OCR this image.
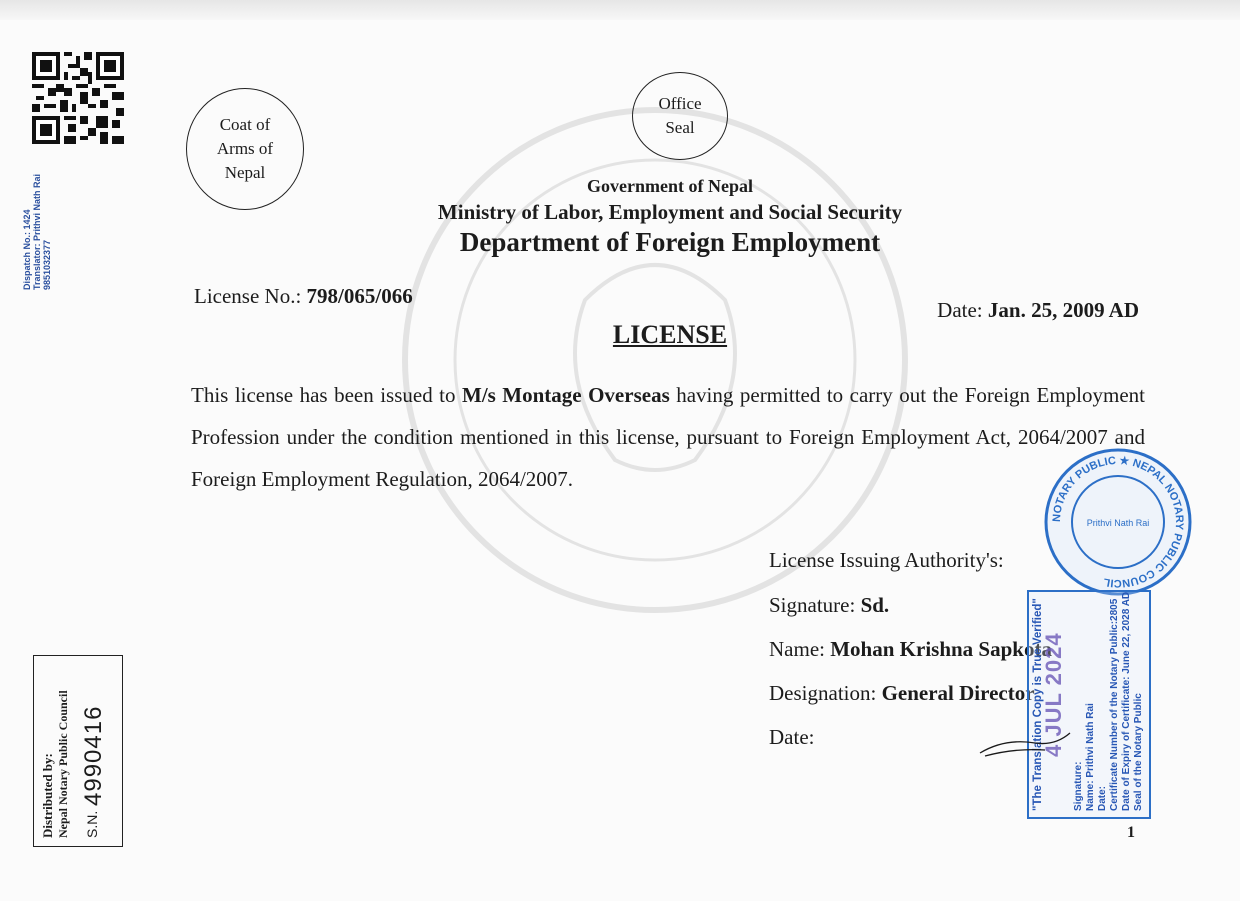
Dispatch No.: 1424 Translator: Prithvi Nath Rai 9851032377
Coat of
Arms of
Nepal
Office
Seal
Government of Nepal
Ministry of Labor, Employment and Social Security
Department of Foreign Employment
License No.: 798/065/066
Date: Jan. 25, 2009 AD
LICENSE
This license has been issued to M/s Montage Overseas having permitted to carry out the Foreign Employment Profession under the condition mentioned in this license, pursuant to Foreign Employment Act, 2064/2007 and Foreign Employment Regulation, 2064/2007.
License Issuing Authority's:
Signature: Sd.
Name: Mohan Krishna Sapkota
Designation: General Director
Date:
Distributed by: Nepal Notary Public Council S.N.
4990416
NOTARY PUBLIC ★ NEPAL NOTARY PUBLIC COUNCIL
Prithvi Nath Rai
"The Translation Copy is True Verified"
4 JUL 2024
Signature: Name: Prithvi Nath Rai Date: Certificate Number of the Notary Public:2805 Date of Expiry of Certificate: June 22, 2028 AD Seal of the Notary Public
1
